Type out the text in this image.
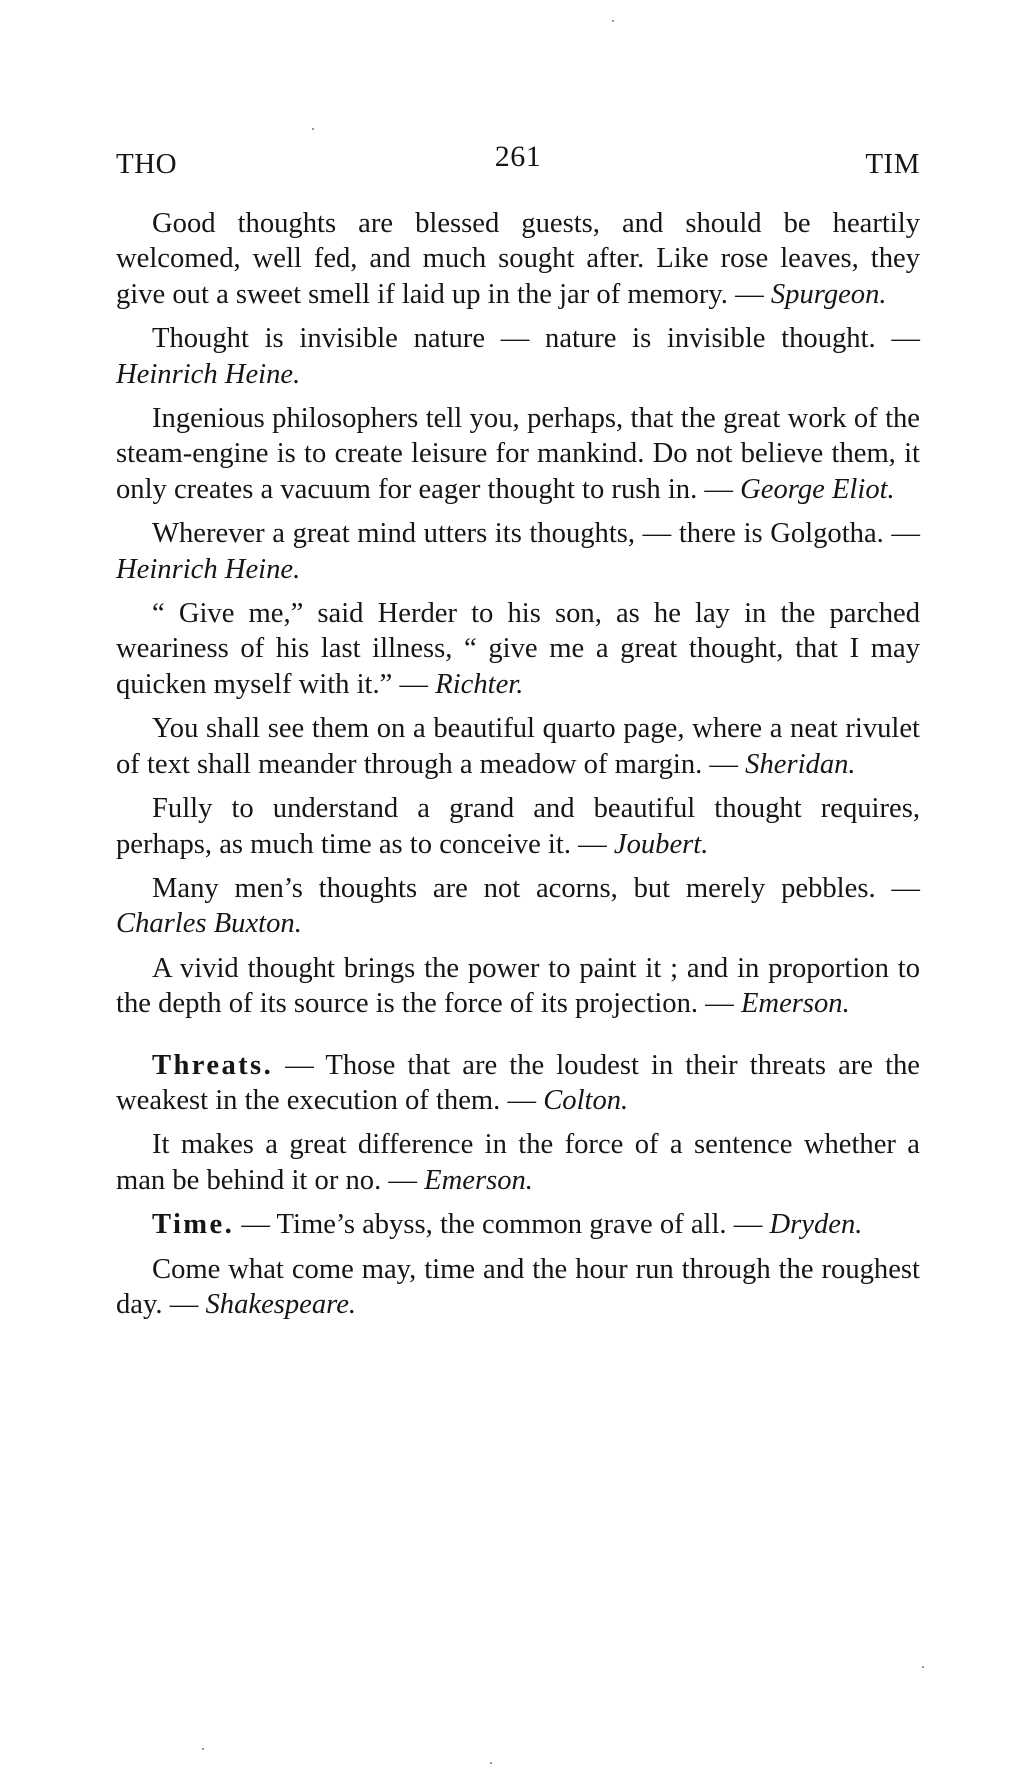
THO	261	TIM

Good thoughts are blessed guests, and should be heartily welcomed, well fed, and much sought after. Like rose leaves, they give out a sweet smell if laid up in the jar of memory. — Spurgeon.

Thought is invisible nature — nature is invisible thought. — Heinrich Heine.

Ingenious philosophers tell you, perhaps, that the great work of the steam-engine is to create leisure for mankind. Do not believe them, it only creates a vacuum for eager thought to rush in. — George Eliot.

Wherever a great mind utters its thoughts, — there is Golgotha. — Heinrich Heine.

“ Give me,” said Herder to his son, as he lay in the parched weariness of his last illness, “ give me a great thought, that I may quicken myself with it.” — Richter.

You shall see them on a beautiful quarto page, where a neat rivulet of text shall meander through a meadow of margin. — Sheridan.

Fully to understand a grand and beautiful thought requires, perhaps, as much time as to conceive it. — Joubert.

Many men’s thoughts are not acorns, but merely pebbles. — Charles Buxton.

A vivid thought brings the power to paint it ; and in proportion to the depth of its source is the force of its projection. — Emerson.

Threats. — Those that are the loudest in their threats are the weakest in the execution of them. — Colton.

It makes a great difference in the force of a sentence whether a man be behind it or no. — Emerson.

Time. — Time’s abyss, the common grave of all. — Dryden.

Come what come may, time and the hour run through the roughest day. — Shakespeare.
